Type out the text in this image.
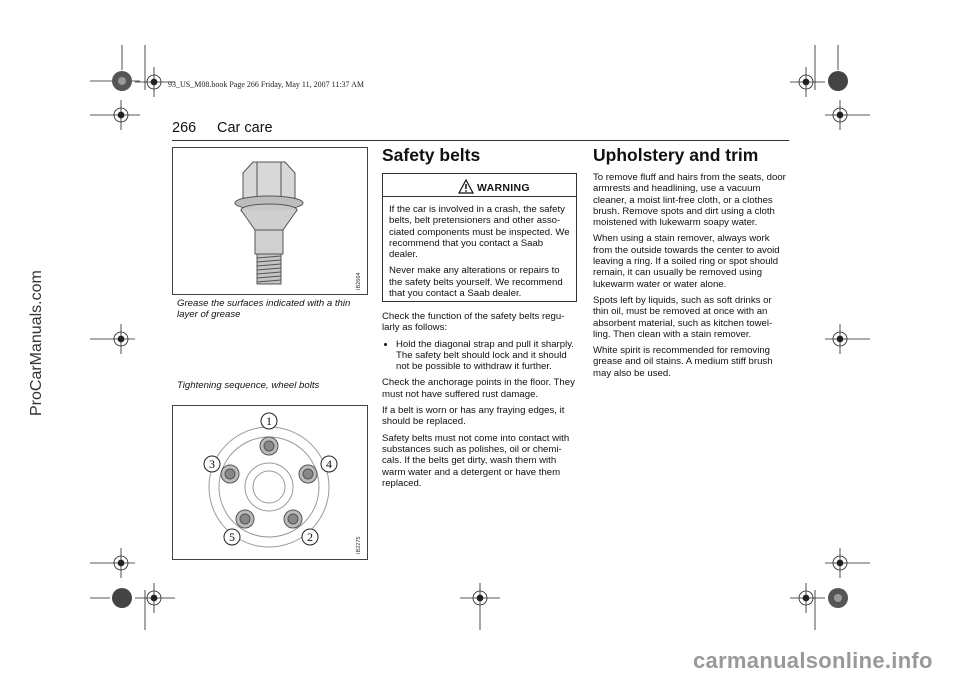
93_US_M08.book Page 266 Friday, May 11, 2007 11:37 AM
266 Car care
IB2664
Grease the surfaces indicated with a thin layer of grease
Tightening sequence, wheel bolts
1
2
3	4
5	IB2275
Safety belts
WARNING

If the car is involved in a crash, the safety belts, belt pretensioners and other asso-ciated components must be inspected. We recommend that you contact a Saab dealer.

Never make any alterations or repairs to the safety belts yourself. We recommend that you contact a Saab dealer.

Check the function of the safety belts regu-larly as follows:

• Hold the diagonal strap and pull it sharply. The safety belt should lock and it should not be possible to withdraw it further.

Check the anchorage points in the floor. They must not have suffered rust damage.

If a belt is worn or has any fraying edges, it should be replaced.

Safety belts must not come into contact with substances such as polishes, oil or chemi-cals. If the belts get dirty, wash them with warm water and a detergent or have them replaced.

Upholstery and trim

To remove fluff and hairs from the seats, door armrests and headlining, use a vacuum cleaner, a moist lint-free cloth, or a clothes brush. Remove spots and dirt using a cloth moistened with lukewarm soapy water.

When using a stain remover, always work from the outside towards the center to avoid leaving a ring. If a soiled ring or spot should remain, it can usually be removed using lukewarm water or water alone.

Spots left by liquids, such as soft drinks or thin oil, must be removed at once with an absorbent material, such as kitchen towel-ling. Then clean with a stain remover.

White spirit is recommended for removing grease and oil stains. A medium stiff brush may also be used.

ProCarManuals.com
carmanualsonline.info
